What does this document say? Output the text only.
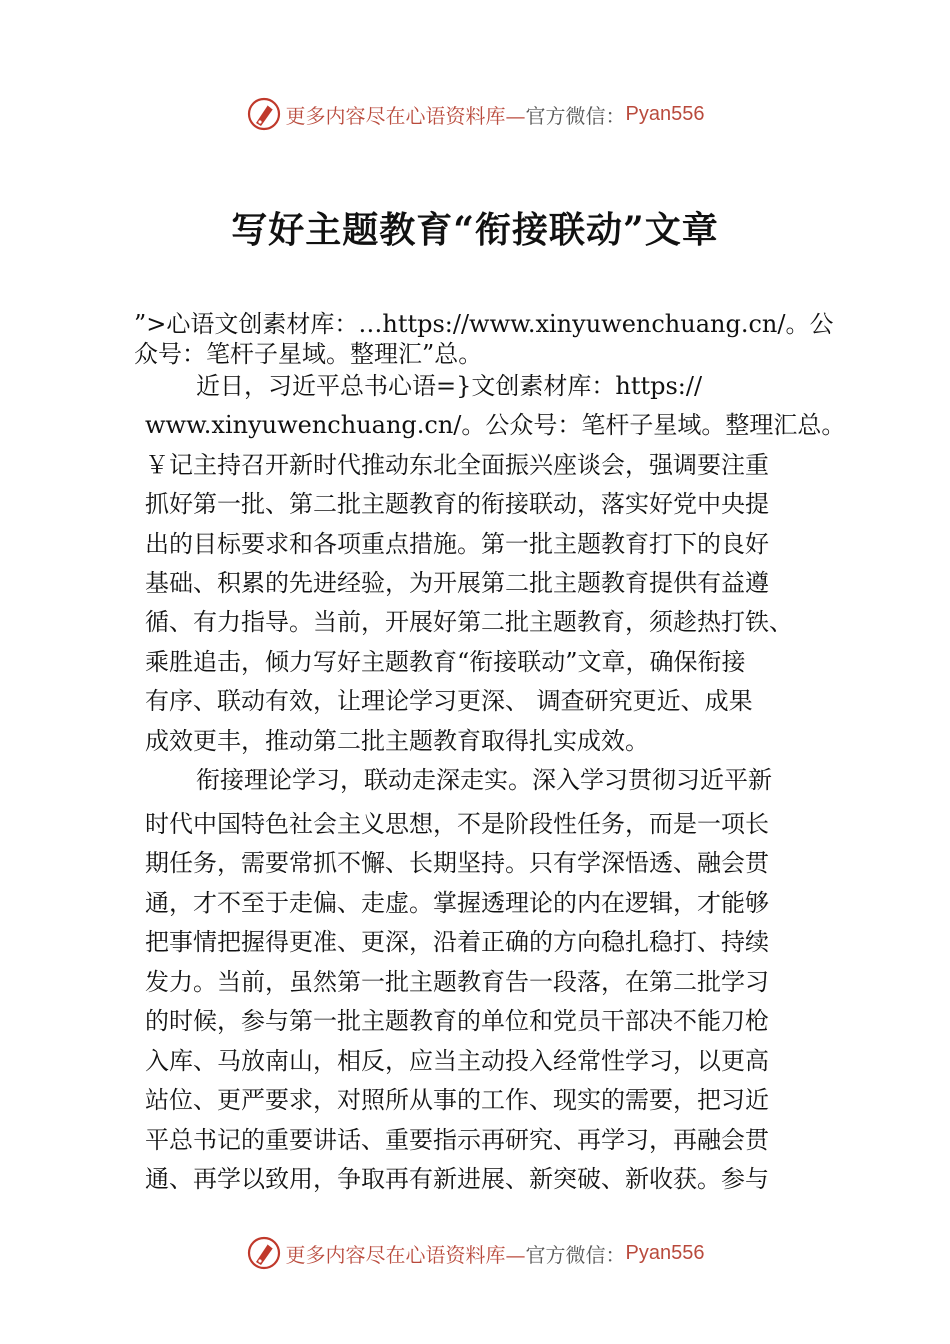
更多内容尽在心语资料库— 官方微信： Pyan556
写好主题教育“衔接联动”文章
”>心语文创素材库：…https://www.xinyuwenchuang.cn/。公
众号：笔杆子星域。整理汇”总。
近日，习近平总书心语=}文创素材库：https://
www.xinyuwenchuang.cn/。公众号：笔杆子星域。整理汇总。
￥记主持召开新时代推动东北全面振兴座谈会，强调要注重
抓好第一批、第二批主题教育的衔接联动，落实好党中央提
出的目标要求和各项重点措施。第一批主题教育打下的良好
基础、积累的先进经验，为开展第二批主题教育提供有益遵
循、有力指导。当前，开展好第二批主题教育，须趁热打铁、
乘胜追击，倾力写好主题教育“衔接联动”文章，确保衔接
有序、联动有效，让理论学习更深、 调查研究更近、成果
成效更丰，推动第二批主题教育取得扎实成效。
衔接理论学习，联动走深走实。深入学习贯彻习近平新
时代中国特色社会主义思想，不是阶段性任务，而是一项长
期任务，需要常抓不懈、长期坚持。只有学深悟透、融会贯
通，才不至于走偏、走虚。掌握透理论的内在逻辑，才能够
把事情把握得更准、更深，沿着正确的方向稳扎稳打、持续
发力。当前，虽然第一批主题教育告一段落，在第二批学习
的时候，参与第一批主题教育的单位和党员干部决不能刀枪
入库、马放南山，相反，应当主动投入经常性学习，以更高
站位、更严要求，对照所从事的工作、现实的需要，把习近
平总书记的重要讲话、重要指示再研究、再学习，再融会贯
通、再学以致用，争取再有新进展、新突破、新收获。参与
更多内容尽在心语资料库— 官方微信： Pyan556
